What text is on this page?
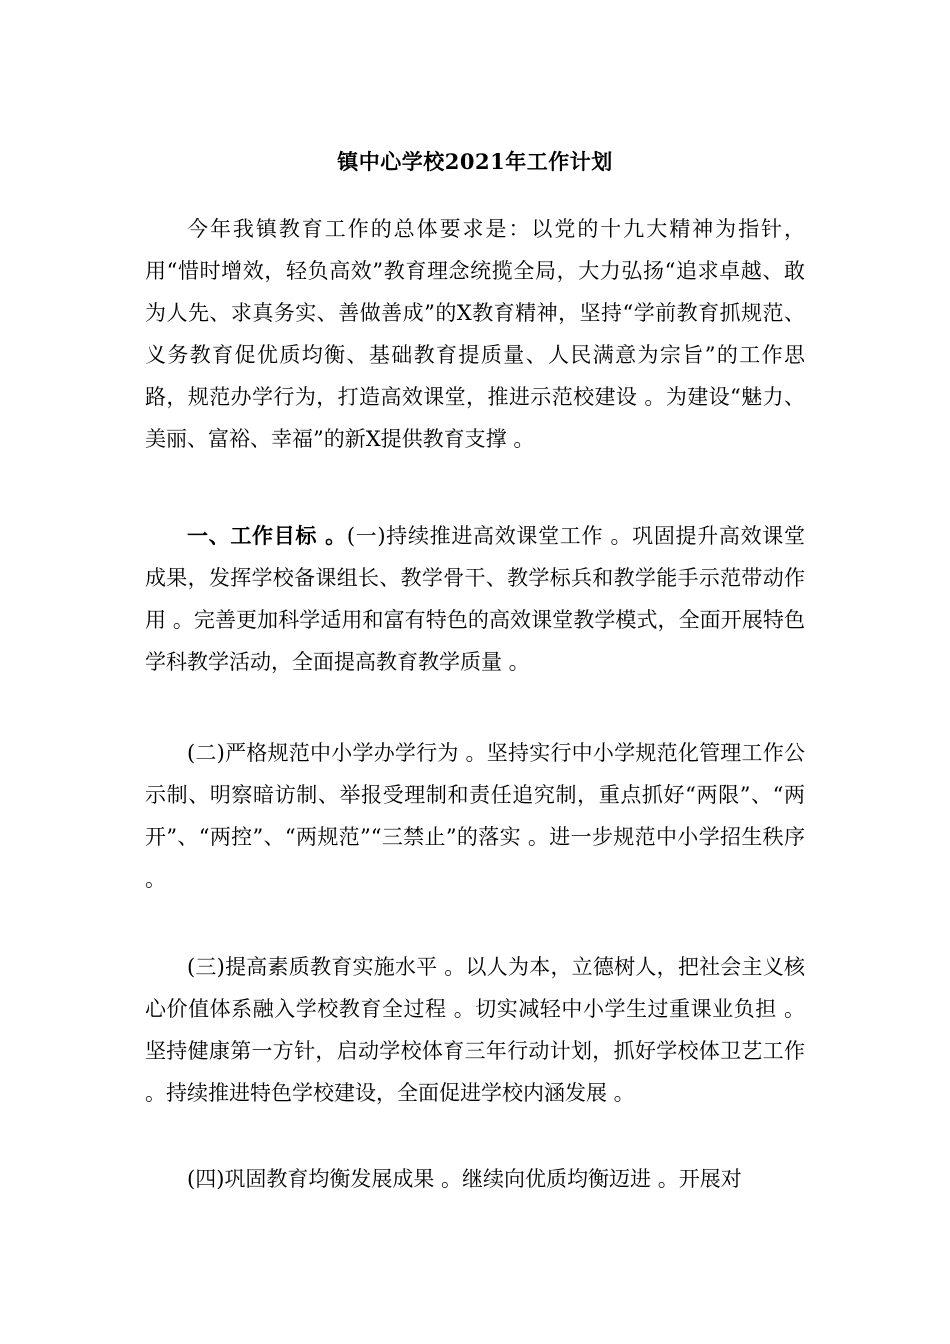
镇中心学校2021年工作计划

今年我镇教育工作的总体要求是：以党的十九大精神为指针，用“惜时增效，轻负高效”教育理念统揽全局，大力弘扬“追求卓越、敢为人先、求真务实、善做善成”的X教育精神，坚持“学前教育抓规范、义务教育促优质均衡、基础教育提质量、人民满意为宗旨”的工作思路，规范办学行为，打造高效课堂，推进示范校建设 。为建设“魅力、美丽、富裕、幸福”的新X提供教育支撑 。

一、工作目标 。(一)持续推进高效课堂工作 。巩固提升高效课堂成果，发挥学校备课组长、教学骨干、教学标兵和教学能手示范带动作用 。完善更加科学适用和富有特色的高效课堂教学模式，全面开展特色学科教学活动，全面提高教育教学质量 。

(二)严格规范中小学办学行为 。坚持实行中小学规范化管理工作公示制、明察暗访制、举报受理制和责任追究制，重点抓好“两限”、“两开”、“两控”、“两规范”“三禁止”的落实 。进一步规范中小学招生秩序 。

(三)提高素质教育实施水平 。以人为本，立德树人，把社会主义核心价值体系融入学校教育全过程 。切实减轻中小学生过重课业负担 。坚持健康第一方针，启动学校体育三年行动计划，抓好学校体卫艺工作 。持续推进特色学校建设，全面促进学校内涵发展 。

(四)巩固教育均衡发展成果 。继续向优质均衡迈进 。开展对
